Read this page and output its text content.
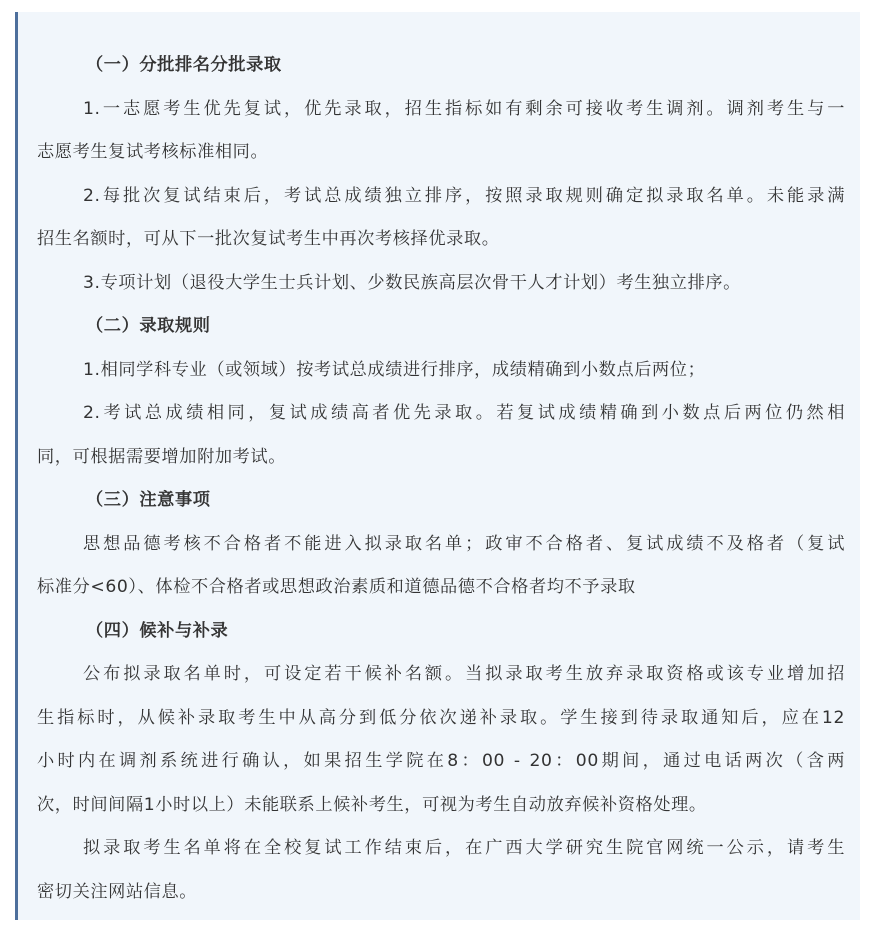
（一）分批排名分批录取
1.一志愿考生优先复试，优先录取，招生指标如有剩余可接收考生调剂。调剂考生与一
志愿考生复试考核标准相同。
2.每批次复试结束后，考试总成绩独立排序，按照录取规则确定拟录取名单。未能录满
招生名额时，可从下一批次复试考生中再次考核择优录取。
3.专项计划（退役大学生士兵计划、少数民族高层次骨干人才计划）考生独立排序。
（二）录取规则
1.相同学科专业（或领域）按考试总成绩进行排序，成绩精确到小数点后两位；
2.考试总成绩相同，复试成绩高者优先录取。若复试成绩精确到小数点后两位仍然相
同，可根据需要增加附加考试。
（三）注意事项
思想品德考核不合格者不能进入拟录取名单；政审不合格者、复试成绩不及格者（复试
标准分<60）、体检不合格者或思想政治素质和道德品德不合格者均不予录取
（四）候补与补录
公布拟录取名单时，可设定若干候补名额。当拟录取考生放弃录取资格或该专业增加招
生指标时，从候补录取考生中从高分到低分依次递补录取。学生接到待录取通知后，应在12
小时内在调剂系统进行确认，如果招生学院在8：00 - 20：00期间，通过电话两次（含两
次，时间间隔1小时以上）未能联系上候补考生，可视为考生自动放弃候补资格处理。
拟录取考生名单将在全校复试工作结束后，在广西大学研究生院官网统一公示，请考生
密切关注网站信息。
